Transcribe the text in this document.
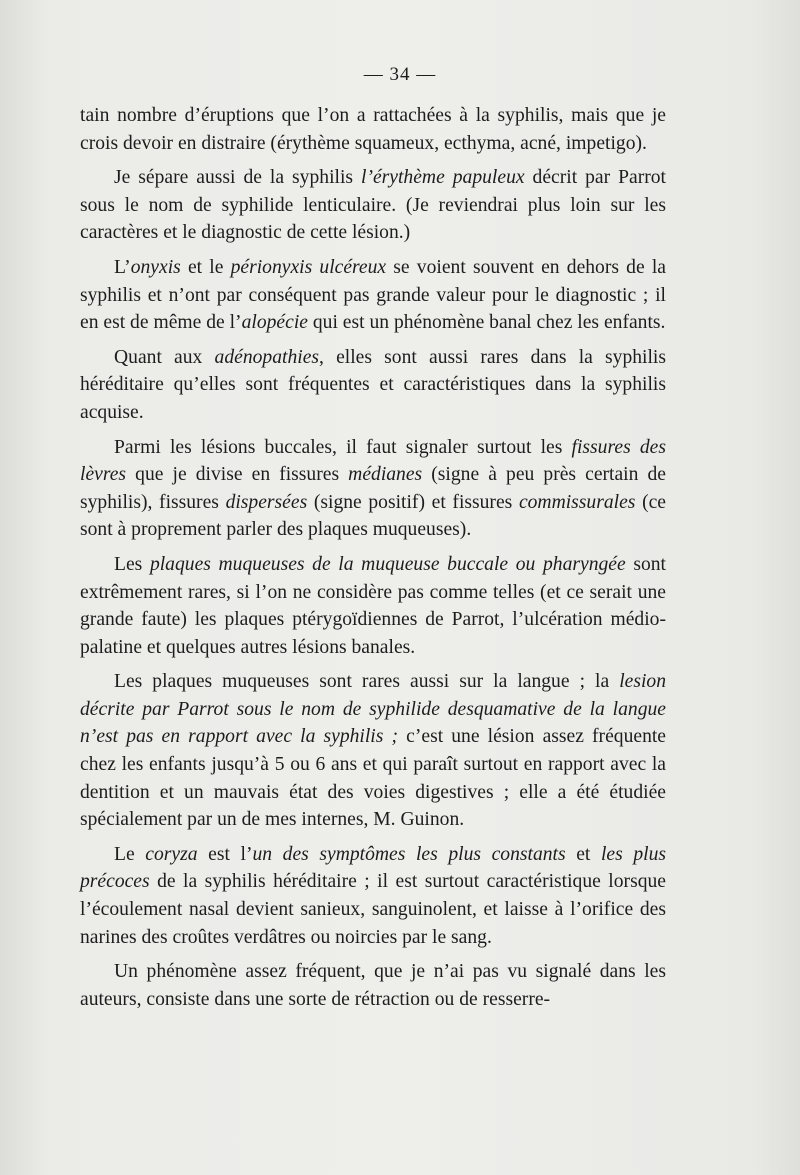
— 34 —

tain nombre d’éruptions que l’on a rattachées à la syphilis, mais que je crois devoir en distraire (érythème squameux, ecthyma, acné, impetigo).

Je sépare aussi de la syphilis l’érythème papuleux décrit par Parrot sous le nom de syphilide lenticulaire. (Je reviendrai plus loin sur les caractères et le diagnostic de cette lésion.)

L’onyxis et le périonyxis ulcéreux se voient souvent en dehors de la syphilis et n’ont par conséquent pas grande valeur pour le diagnostic ; il en est de même de l’alopécie qui est un phénomène banal chez les enfants.

Quant aux adénopathies, elles sont aussi rares dans la syphilis héréditaire qu’elles sont fréquentes et caractéristiques dans la syphilis acquise.

Parmi les lésions buccales, il faut signaler surtout les fissures des lèvres que je divise en fissures médianes (signe à peu près certain de syphilis), fissures dispersées (signe positif) et fissures commissurales (ce sont à proprement parler des plaques muqueuses).

Les plaques muqueuses de la muqueuse buccale ou pharyngée sont extrêmement rares, si l’on ne considère pas comme telles (et ce serait une grande faute) les plaques ptérygoïdiennes de Parrot, l’ulcération médio-palatine et quelques autres lésions banales.

Les plaques muqueuses sont rares aussi sur la langue ; la lesion décrite par Parrot sous le nom de syphilide desquamative de la langue n’est pas en rapport avec la syphilis ; c’est une lésion assez fréquente chez les enfants jusqu’à 5 ou 6 ans et qui paraît surtout en rapport avec la dentition et un mauvais état des voies digestives ; elle a été étudiée spécialement par un de mes internes, M. Guinon.

Le coryza est l’un des symptômes les plus constants et les plus précoces de la syphilis héréditaire ; il est surtout caractéristique lorsque l’écoulement nasal devient sanieux, sanguinolent, et laisse à l’orifice des narines des croûtes verdâtres ou noircies par le sang.

Un phénomène assez fréquent, que je n’ai pas vu signalé dans les auteurs, consiste dans une sorte de rétraction ou de resserre-
